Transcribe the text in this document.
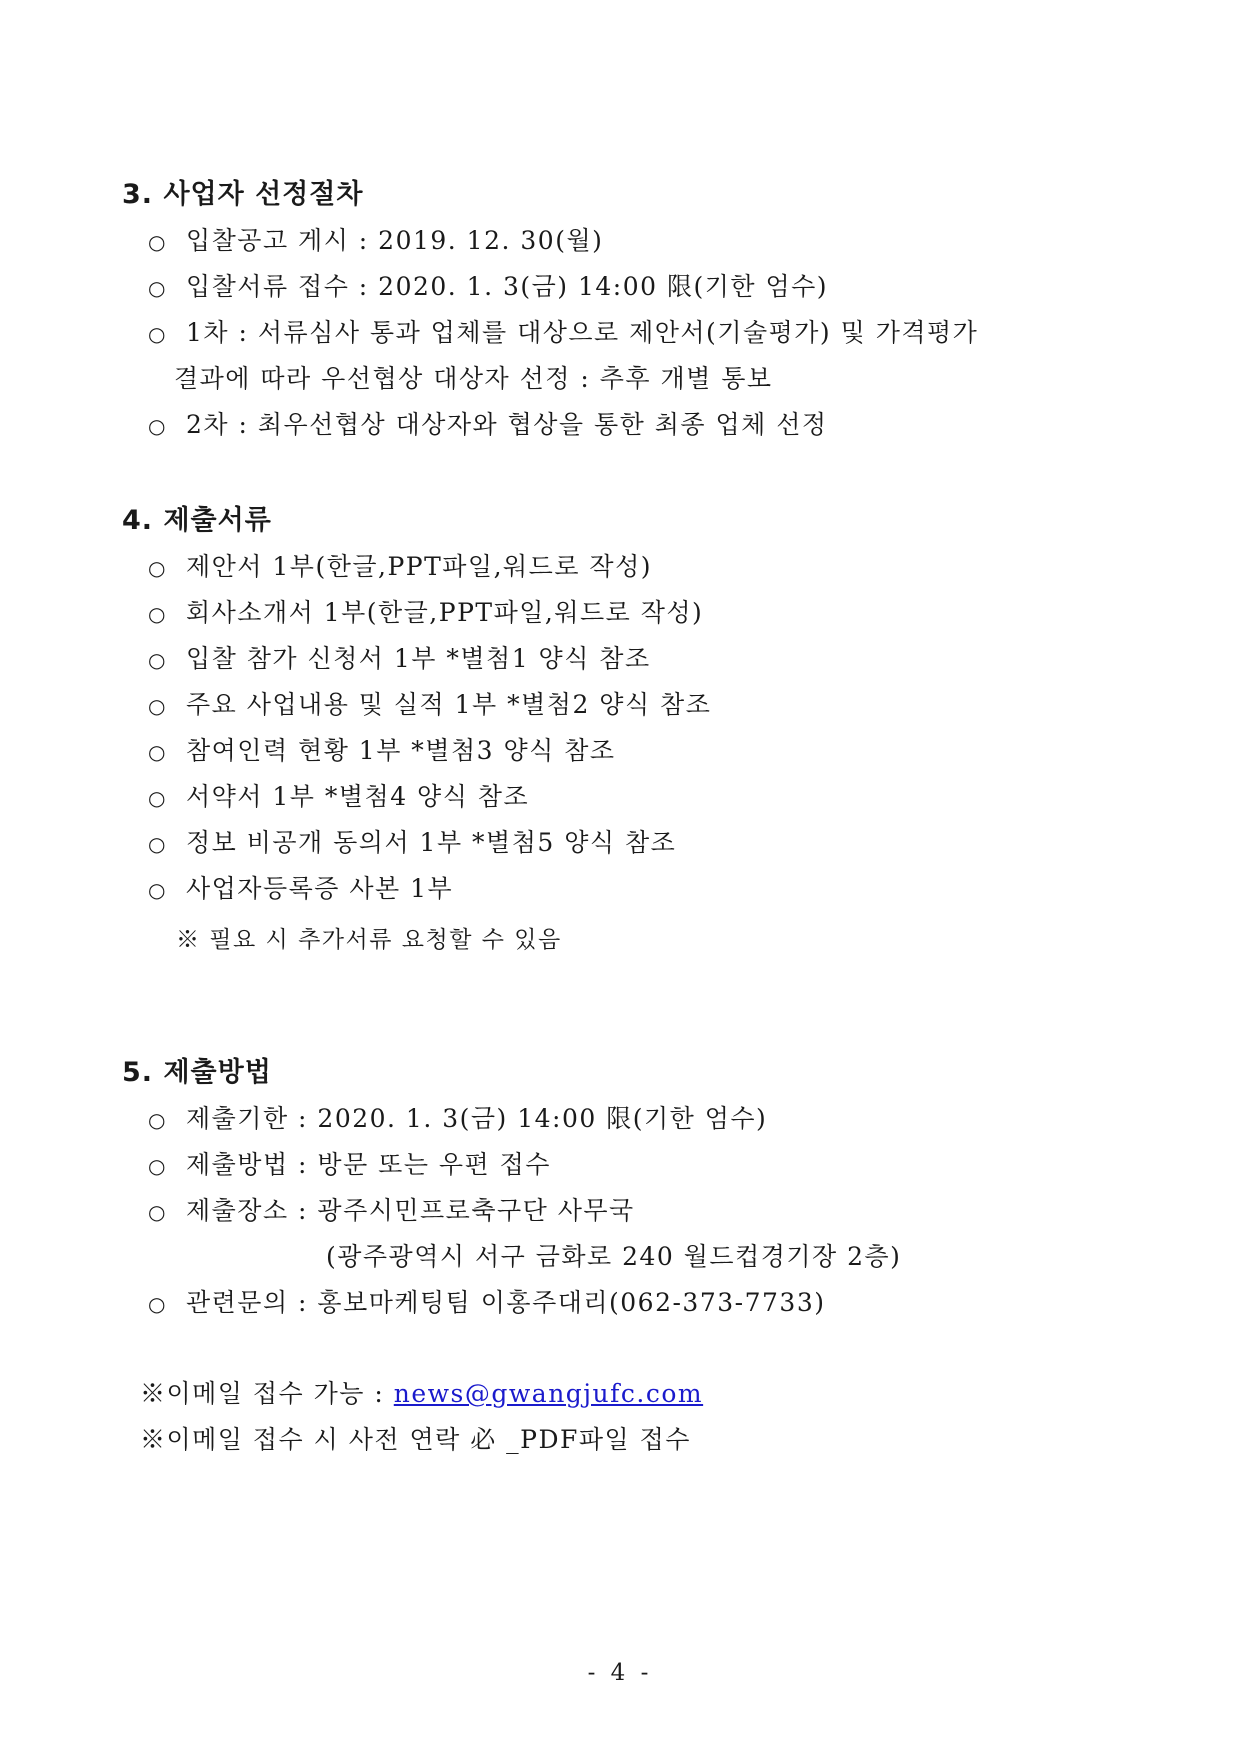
3. 사업자 선정절차
○ 입찰공고 게시 : 2019. 12. 30(월)
○ 입찰서류 접수 : 2020. 1. 3(금) 14:00 限(기한 엄수)
○ 1차 : 서류심사 통과 업체를 대상으로 제안서(기술평가) 및 가격평가
결과에 따라 우선협상 대상자 선정 : 추후 개별 통보
○ 2차 : 최우선협상 대상자와 협상을 통한 최종 업체 선정
4. 제출서류
○ 제안서 1부(한글,PPT파일,워드로 작성)
○ 회사소개서 1부(한글,PPT파일,워드로 작성)
○ 입찰 참가 신청서 1부 *별첨1 양식 참조
○ 주요 사업내용 및 실적 1부 *별첨2 양식 참조
○ 참여인력 현황 1부 *별첨3 양식 참조
○ 서약서 1부 *별첨4 양식 참조
○ 정보 비공개 동의서 1부 *별첨5 양식 참조
○ 사업자등록증 사본 1부
※ 필요 시 추가서류 요청할 수 있음
5. 제출방법
○ 제출기한 : 2020. 1. 3(금) 14:00 限(기한 엄수)
○ 제출방법 : 방문 또는 우편 접수
○ 제출장소 : 광주시민프로축구단 사무국
(광주광역시 서구 금화로 240 월드컵경기장 2층)
○ 관련문의 : 홍보마케팅팀 이홍주대리(062-373-7733)
※이메일 접수 가능 : news@gwangjufc.com
※이메일 접수 시 사전 연락 必 _PDF파일 접수
- 4 -
